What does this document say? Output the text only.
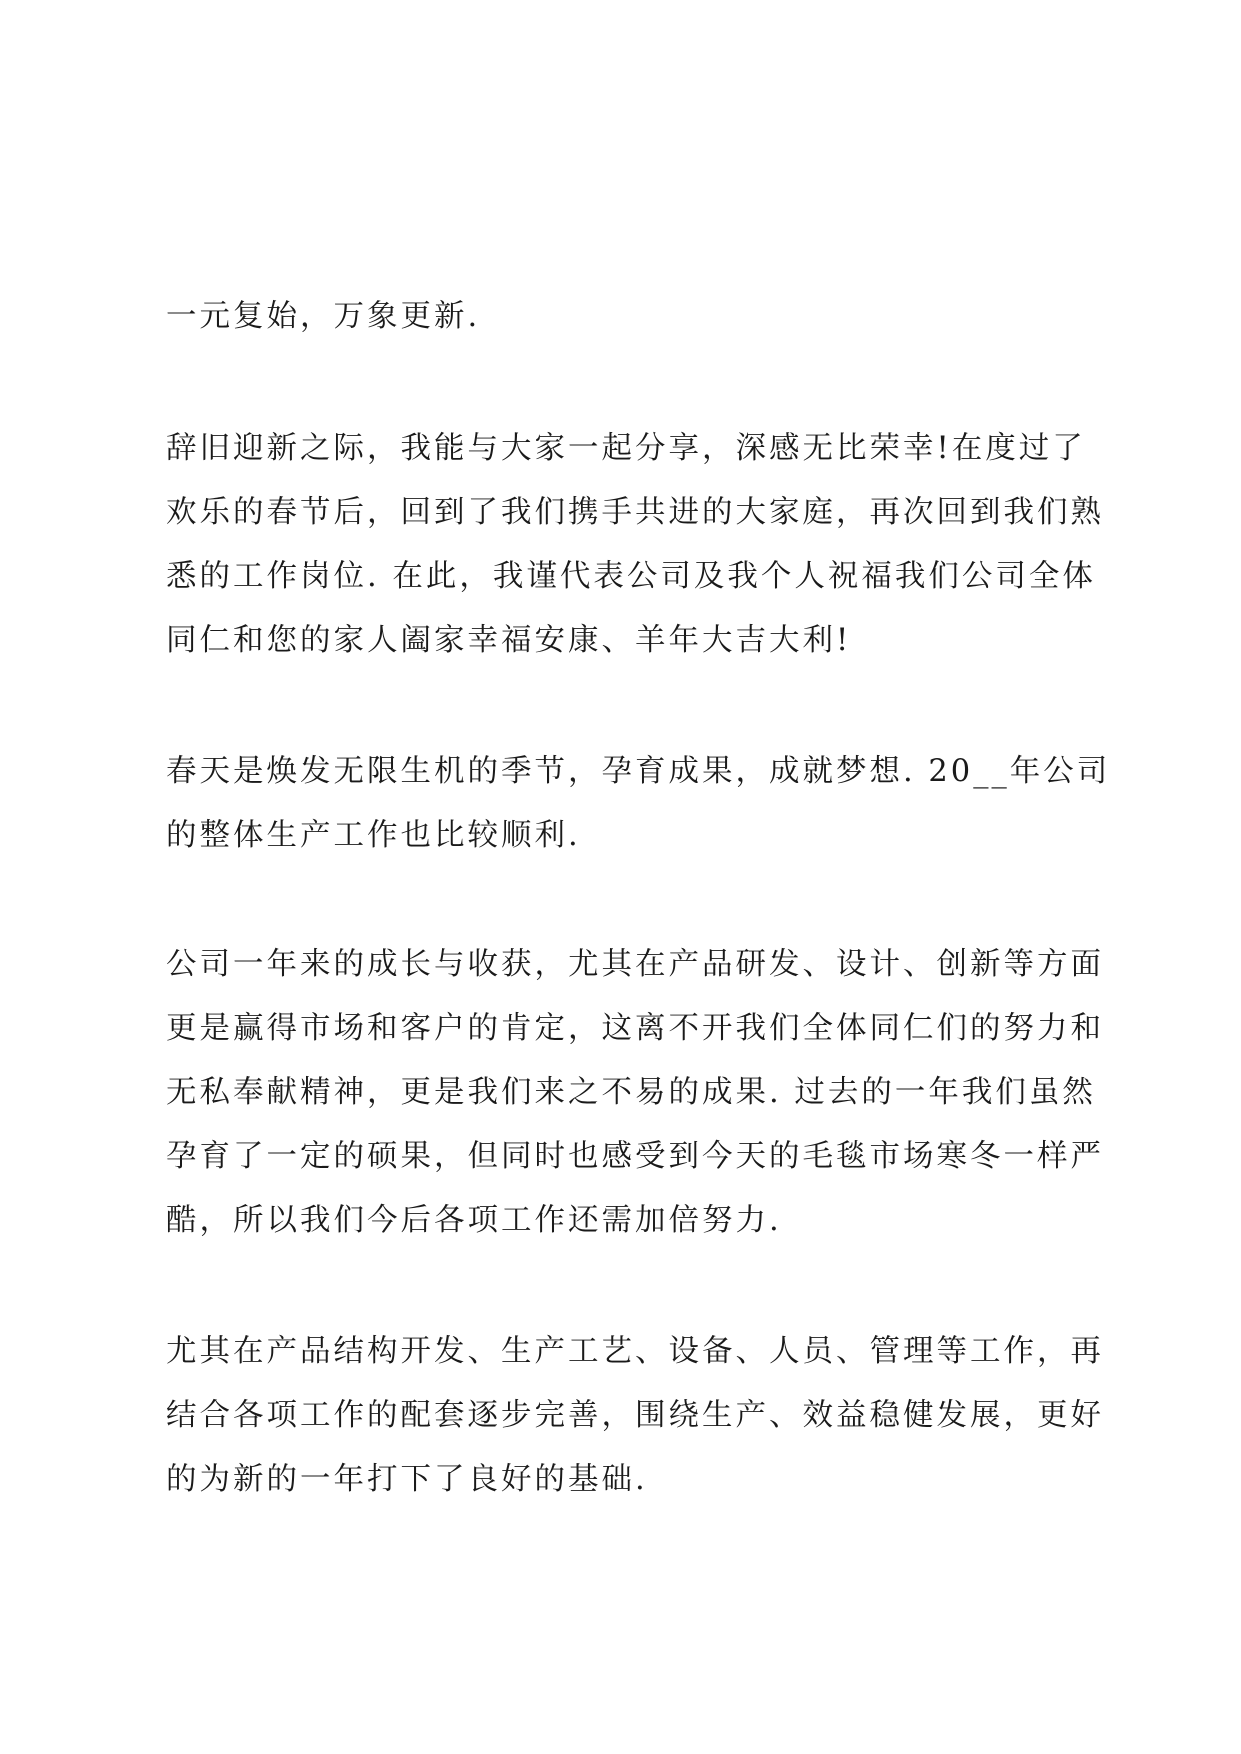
一元复始，万象更新.
辞旧迎新之际，我能与大家一起分享，深感无比荣幸!在度过了
欢乐的春节后，回到了我们携手共进的大家庭，再次回到我们熟
悉的工作岗位. 在此，我谨代表公司及我个人祝福我们公司全体
同仁和您的家人阖家幸福安康、羊年大吉大利!
春天是焕发无限生机的季节，孕育成果，成就梦想. 20__年公司
的整体生产工作也比较顺利.
公司一年来的成长与收获，尤其在产品研发、设计、创新等方面
更是赢得市场和客户的肯定，这离不开我们全体同仁们的努力和
无私奉献精神，更是我们来之不易的成果. 过去的一年我们虽然
孕育了一定的硕果，但同时也感受到今天的毛毯市场寒冬一样严
酷，所以我们今后各项工作还需加倍努力.
尤其在产品结构开发、生产工艺、设备、人员、管理等工作，再
结合各项工作的配套逐步完善，围绕生产、效益稳健发展，更好
的为新的一年打下了良好的基础.
